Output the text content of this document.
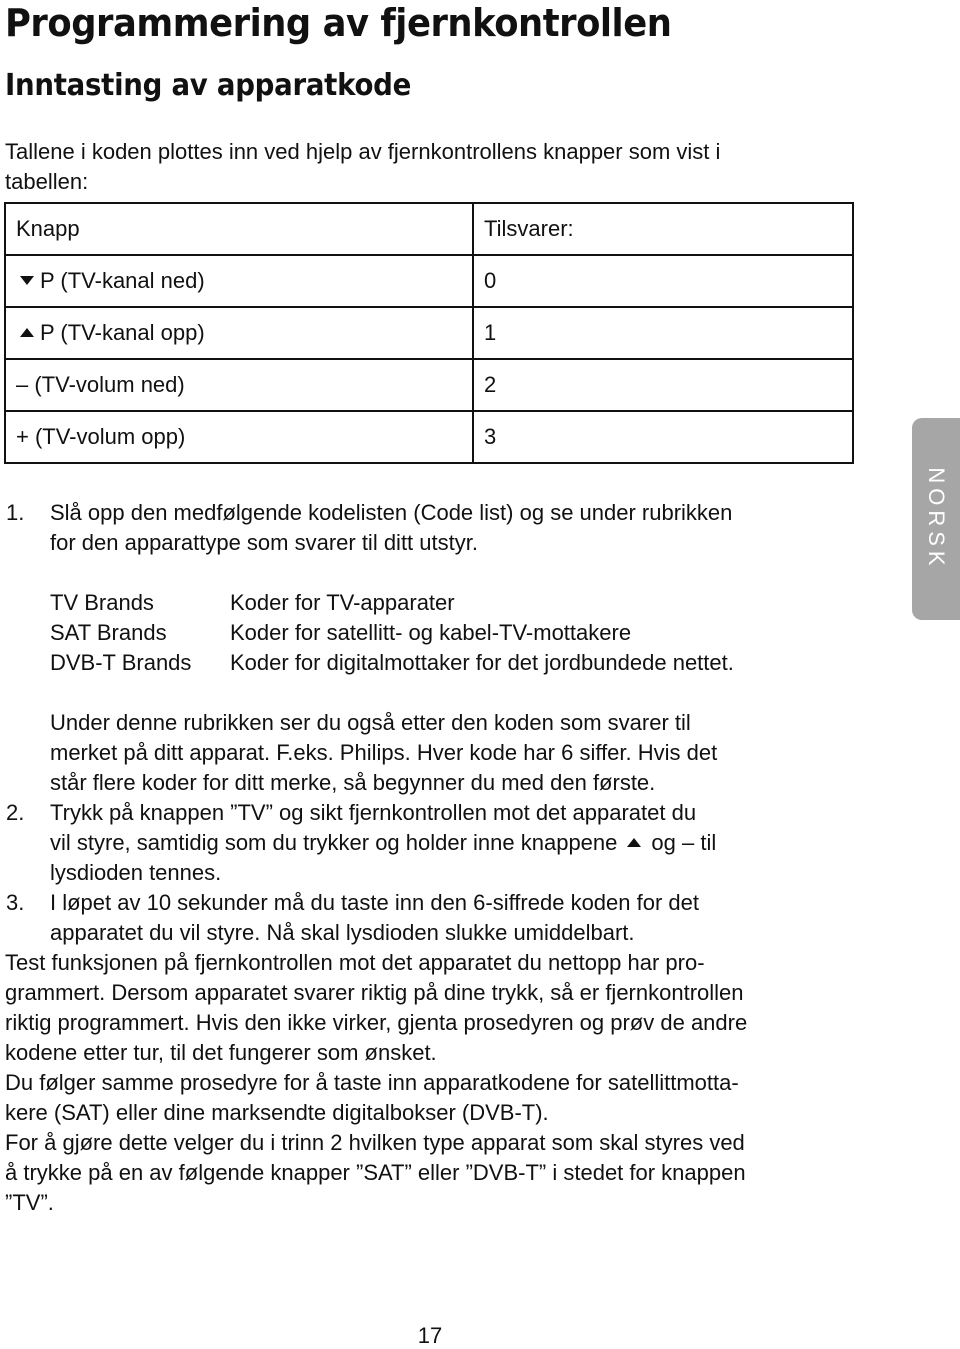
Programmering av fjernkontrollen
Inntasting av apparatkode

Tallene i koden plottes inn ved hjelp av fjernkontrollens knapper som vist i

tabellen:

Knapp	Tilsvarer:
P (TV-kanal ned)	0
P (TV-kanal opp)	1
– (TV-volum ned)	2
+ (TV-volum opp)	3
NORSK
1. Slå opp den medfølgende kodelisten (Code list) og se under rubrikken

for den apparattype som svarer til ditt utstyr.

TV Brands	Koder for TV-apparater
SAT Brands	Koder for satellitt- og kabel-TV-mottakere
DVB-T Brands Koder for digitalmottaker for det jordbundede nettet.

Under denne rubrikken ser du også etter den koden som svarer til

merket på ditt apparat. F.eks. Philips. Hver kode har 6 siffer. Hvis det

står flere koder for ditt merke, så begynner du med den første.

2. Trykk på knappen ”TV” og sikt fjernkontrollen mot det apparatet du

vil styre, samtidig som du trykker og holder inne knappene og – til

lysdioden tennes.

3. I løpet av 10 sekunder må du taste inn den 6-siffrede koden for det

apparatet du vil styre. Nå skal lysdioden slukke umiddelbart.

Test funksjonen på fjernkontrollen mot det apparatet du nettopp har pro-

grammert. Dersom apparatet svarer riktig på dine trykk, så er fjernkontrollen

riktig programmert. Hvis den ikke virker, gjenta prosedyren og prøv de andre

kodene etter tur, til det fungerer som ønsket.

Du følger samme prosedyre for å taste inn apparatkodene for satellittmotta-

kere (SAT) eller dine marksendte digitalbokser (DVB-T).

For å gjøre dette velger du i trinn 2 hvilken type apparat som skal styres ved

å trykke på en av følgende knapper ”SAT” eller ”DVB-T” i stedet for knappen

”TV”.

17
